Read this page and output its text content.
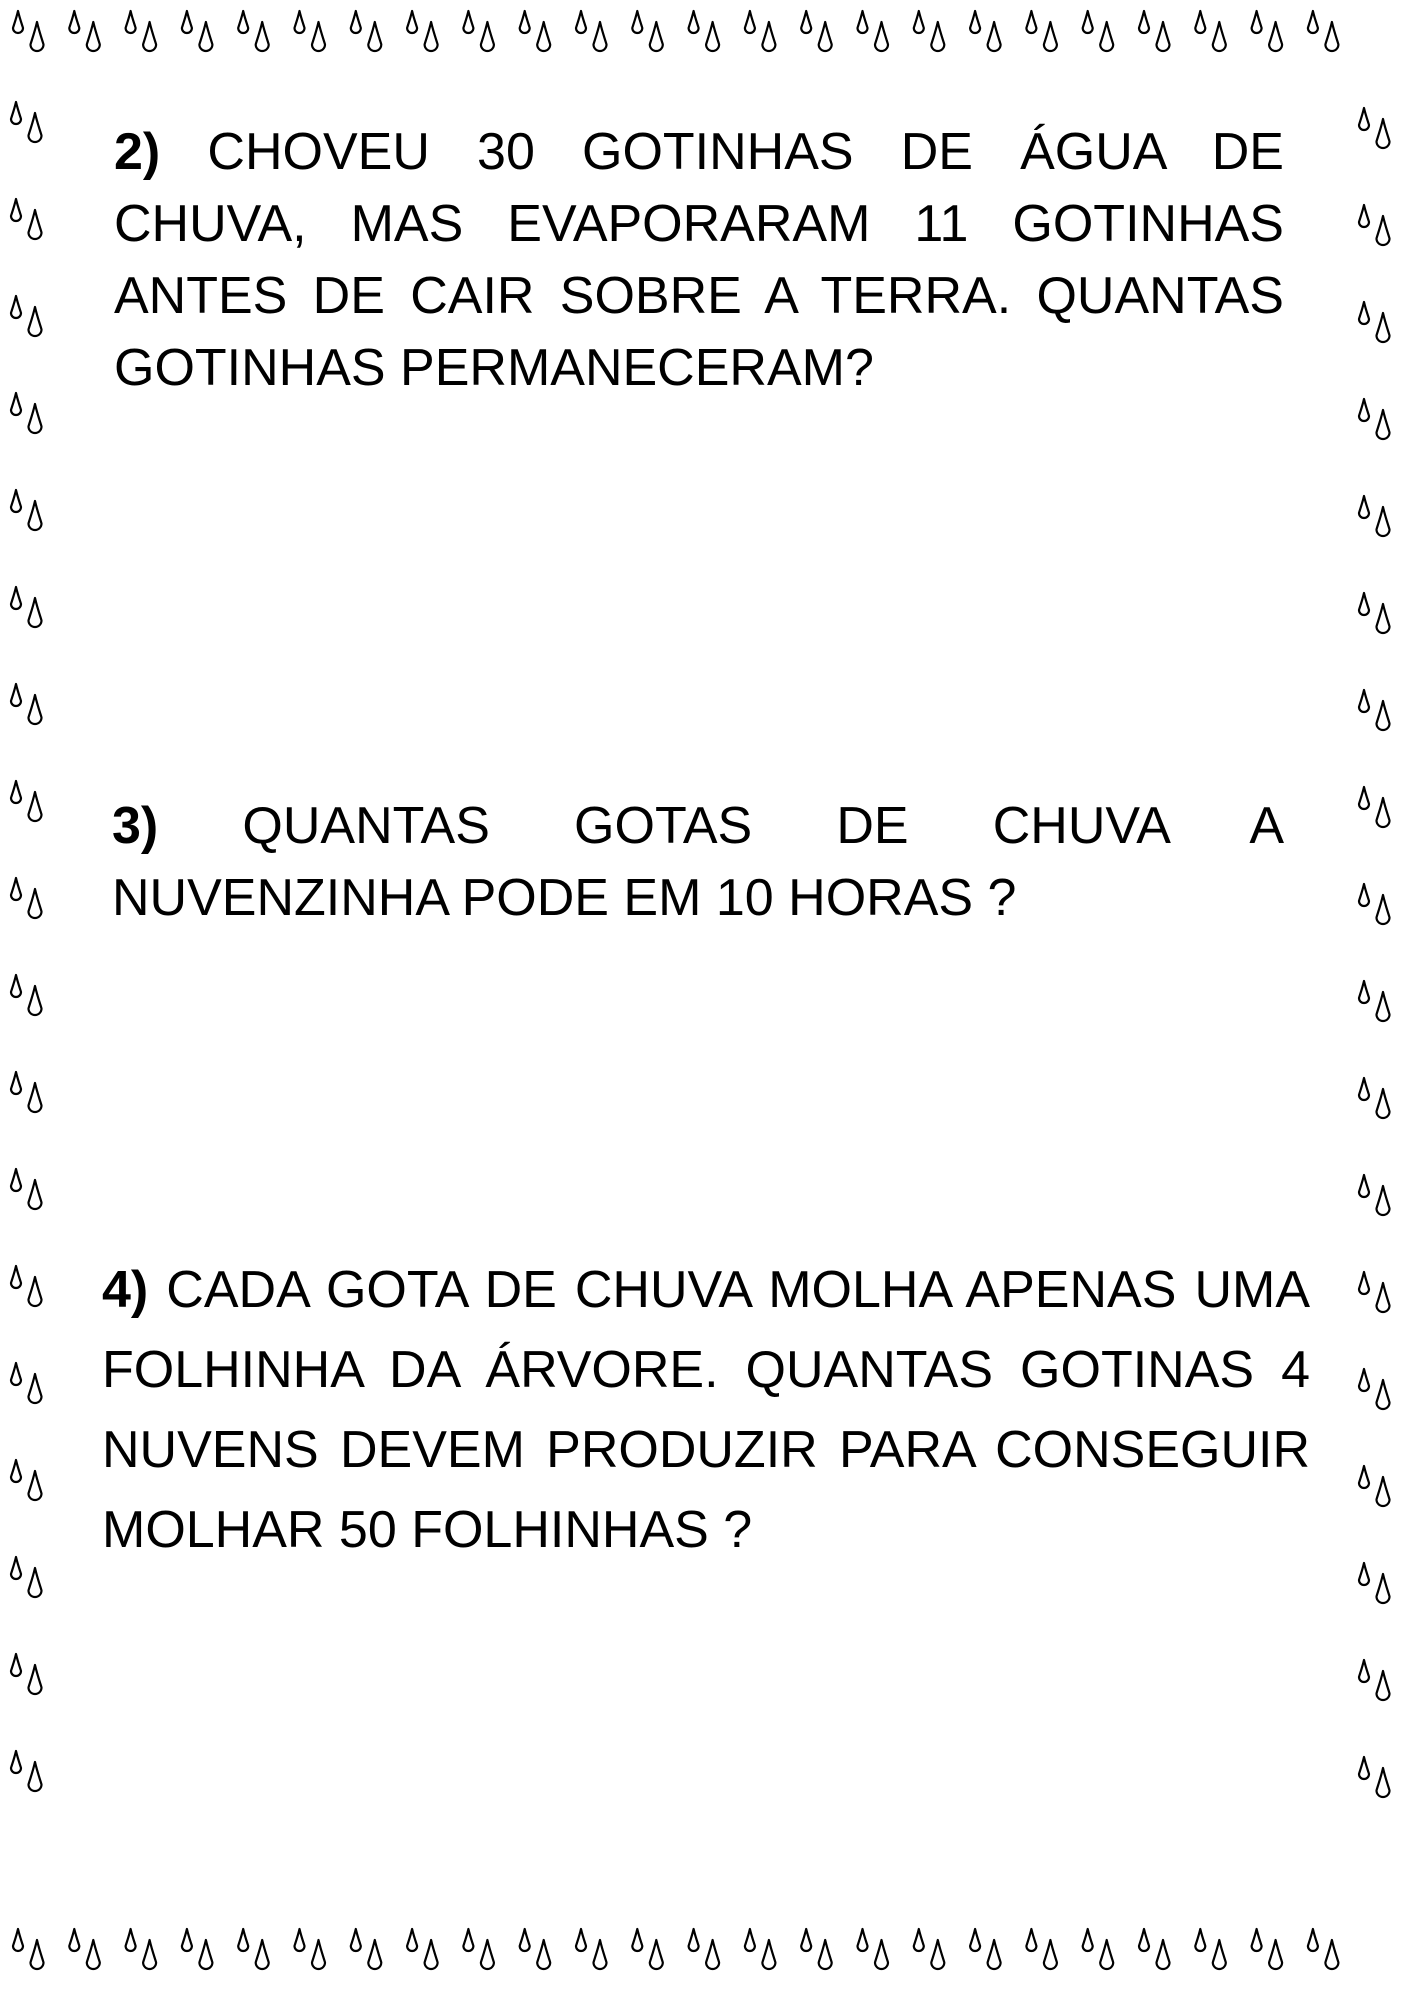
2) CHOVEU 30 GOTINHAS DE ÁGUA DE CHUVA, MAS EVAPORARAM 11 GOTINHAS ANTES DE CAIR SOBRE A TERRA. QUANTAS GOTINHAS PERMANECERAM?

3) QUANTAS GOTAS DE CHUVA A NUVENZINHA PODE EM 10 HORAS ?

4) CADA GOTA DE CHUVA MOLHA APENAS UMA FOLHINHA DA ÁRVORE. QUANTAS GOTINAS 4 NUVENS DEVEM PRODUZIR PARA CONSEGUIR MOLHAR 50 FOLHINHAS ?
